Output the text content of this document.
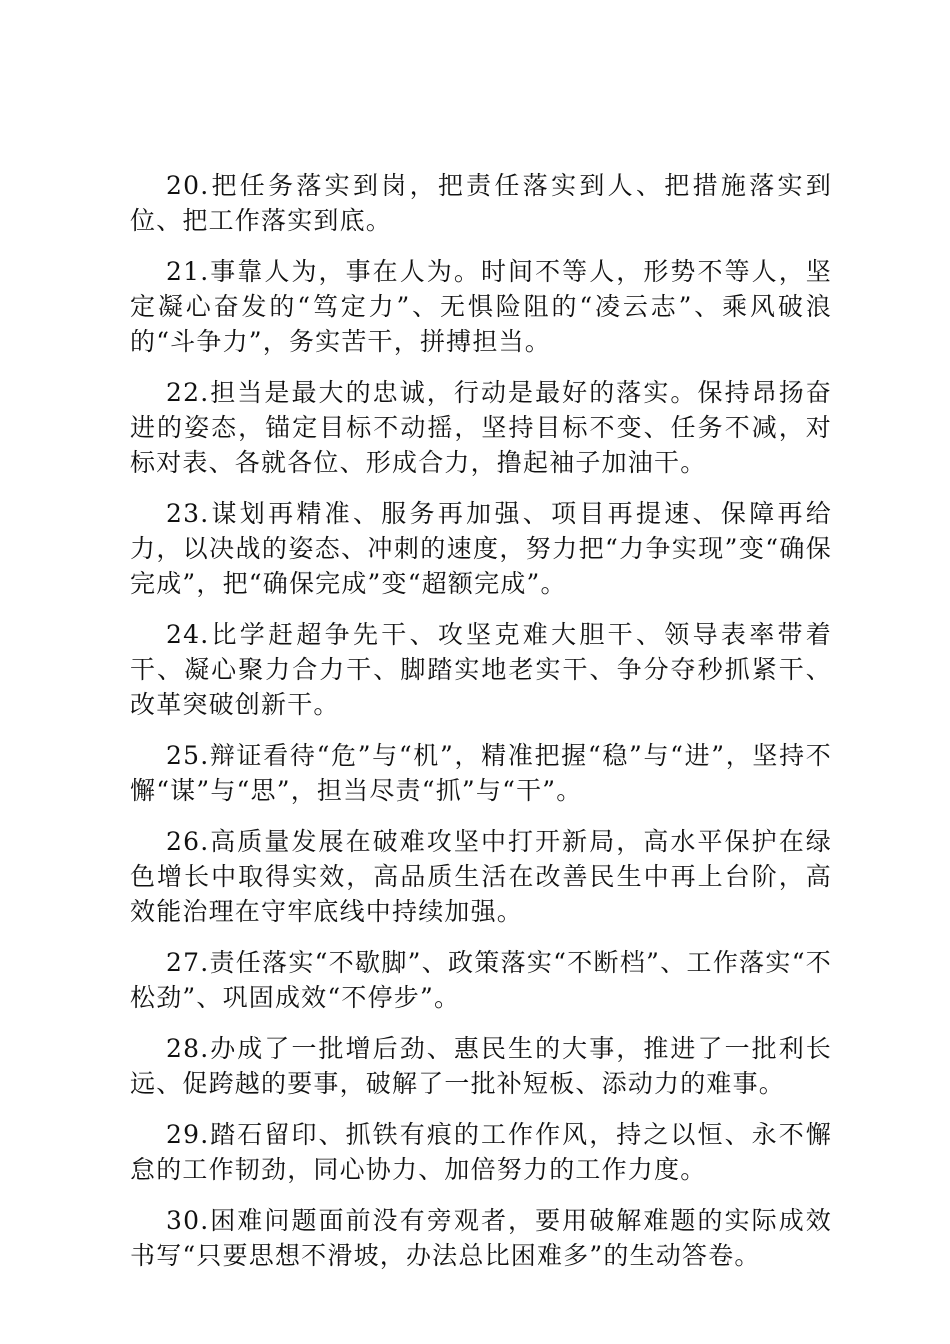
20.把任务落实到岗，把责任落实到人、把措施落实到位、把工作落实到底。

21.事靠人为，事在人为。时间不等人，形势不等人，坚定凝心奋发的“笃定力”、无惧险阻的“凌云志”、乘风破浪的“斗争力”，务实苦干，拼搏担当。

22.担当是最大的忠诚，行动是最好的落实。保持昂扬奋进的姿态，锚定目标不动摇，坚持目标不变、任务不减，对标对表、各就各位、形成合力，撸起袖子加油干。

23.谋划再精准、服务再加强、项目再提速、保障再给力，以决战的姿态、冲刺的速度，努力把“力争实现”变“确保完成”，把“确保完成”变“超额完成”。

24.比学赶超争先干、攻坚克难大胆干、领导表率带着干、凝心聚力合力干、脚踏实地老实干、争分夺秒抓紧干、改革突破创新干。

25.辩证看待“危”与“机”，精准把握“稳”与“进”，坚持不懈“谋”与“思”，担当尽责“抓”与“干”。

26.高质量发展在破难攻坚中打开新局，高水平保护在绿色增长中取得实效，高品质生活在改善民生中再上台阶，高效能治理在守牢底线中持续加强。

27.责任落实“不歇脚”、政策落实“不断档”、工作落实“不松劲”、巩固成效“不停步”。

28.办成了一批增后劲、惠民生的大事，推进了一批利长远、促跨越的要事，破解了一批补短板、添动力的难事。

29.踏石留印、抓铁有痕的工作作风，持之以恒、永不懈怠的工作韧劲，同心协力、加倍努力的工作力度。

30.困难问题面前没有旁观者，要用破解难题的实际成效书写“只要思想不滑坡，办法总比困难多”的生动答卷。
